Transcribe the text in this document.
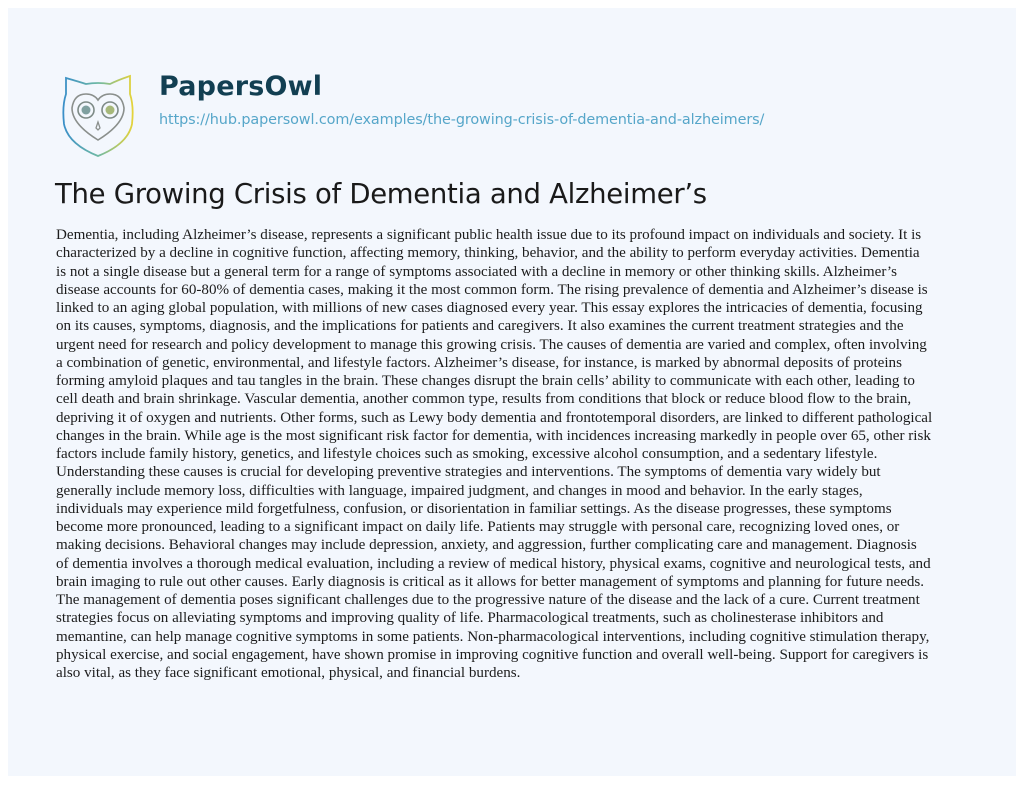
PapersOwl
https://hub.papersowl.com/examples/the-growing-crisis-of-dementia-and-alzheimers/
The Growing Crisis of Dementia and Alzheimer’s
Dementia, including Alzheimer’s disease, represents a significant public health issue due to its profound impact on individuals and society. It is
characterized by a decline in cognitive function, affecting memory, thinking, behavior, and the ability to perform everyday activities. Dementia
is not a single disease but a general term for a range of symptoms associated with a decline in memory or other thinking skills. Alzheimer’s
disease accounts for 60-80% of dementia cases, making it the most common form. The rising prevalence of dementia and Alzheimer’s disease is
linked to an aging global population, with millions of new cases diagnosed every year. This essay explores the intricacies of dementia, focusing
on its causes, symptoms, diagnosis, and the implications for patients and caregivers. It also examines the current treatment strategies and the
urgent need for research and policy development to manage this growing crisis. The causes of dementia are varied and complex, often involving
a combination of genetic, environmental, and lifestyle factors. Alzheimer’s disease, for instance, is marked by abnormal deposits of proteins
forming amyloid plaques and tau tangles in the brain. These changes disrupt the brain cells’ ability to communicate with each other, leading to
cell death and brain shrinkage. Vascular dementia, another common type, results from conditions that block or reduce blood flow to the brain,
depriving it of oxygen and nutrients. Other forms, such as Lewy body dementia and frontotemporal disorders, are linked to different pathological
changes in the brain. While age is the most significant risk factor for dementia, with incidences increasing markedly in people over 65, other risk
factors include family history, genetics, and lifestyle choices such as smoking, excessive alcohol consumption, and a sedentary lifestyle.
Understanding these causes is crucial for developing preventive strategies and interventions. The symptoms of dementia vary widely but
generally include memory loss, difficulties with language, impaired judgment, and changes in mood and behavior. In the early stages,
individuals may experience mild forgetfulness, confusion, or disorientation in familiar settings. As the disease progresses, these symptoms
become more pronounced, leading to a significant impact on daily life. Patients may struggle with personal care, recognizing loved ones, or
making decisions. Behavioral changes may include depression, anxiety, and aggression, further complicating care and management. Diagnosis
of dementia involves a thorough medical evaluation, including a review of medical history, physical exams, cognitive and neurological tests, and
brain imaging to rule out other causes. Early diagnosis is critical as it allows for better management of symptoms and planning for future needs.
The management of dementia poses significant challenges due to the progressive nature of the disease and the lack of a cure. Current treatment
strategies focus on alleviating symptoms and improving quality of life. Pharmacological treatments, such as cholinesterase inhibitors and
memantine, can help manage cognitive symptoms in some patients. Non-pharmacological interventions, including cognitive stimulation therapy,
physical exercise, and social engagement, have shown promise in improving cognitive function and overall well-being. Support for caregivers is
also vital, as they face significant emotional, physical, and financial burdens.
